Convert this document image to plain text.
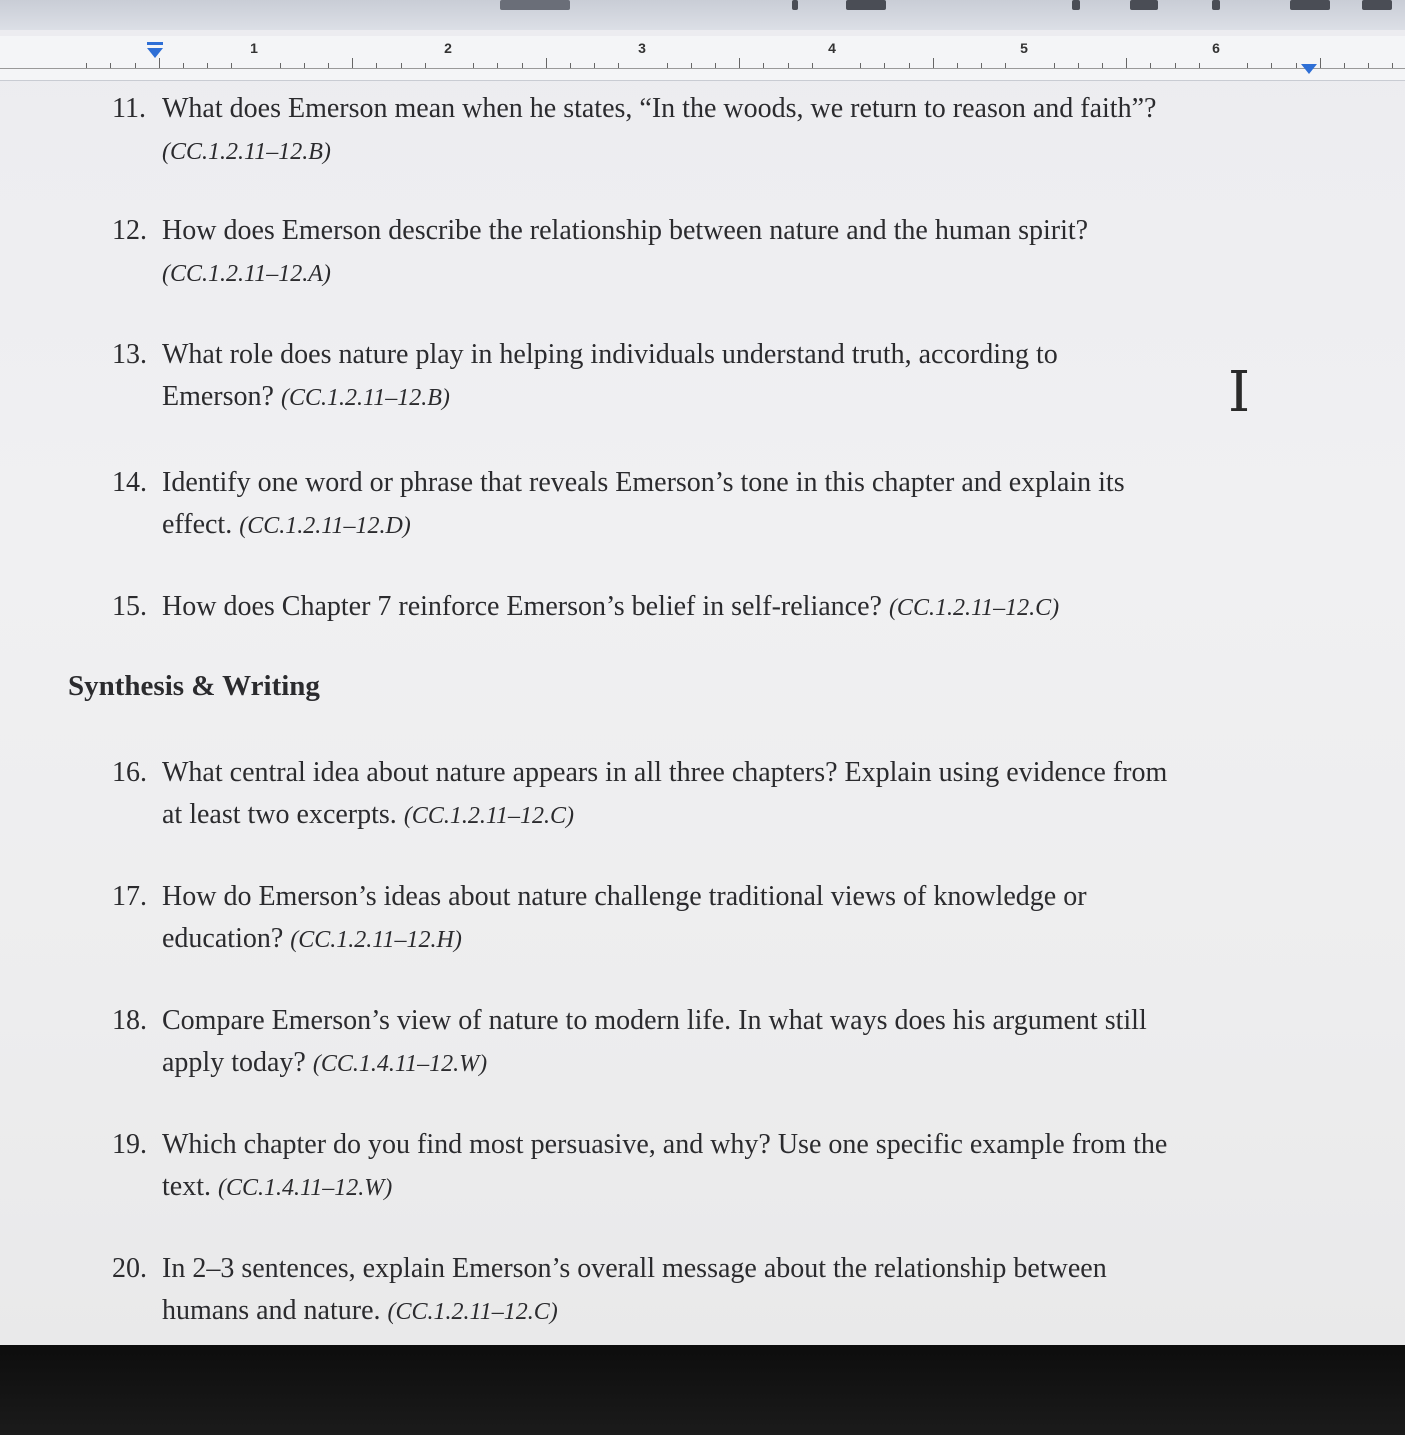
1	2	3	4	5	6
11. What does Emerson mean when he states, “In the woods, we return to reason and faith”?
(CC.1.2.11–12.B)
12. How does Emerson describe the relationship between nature and the human spirit?
(CC.1.2.11–12.A)
13. What role does nature play in helping individuals understand truth, according to
Emerson? (CC.1.2.11–12.B)
14. Identify one word or phrase that reveals Emerson’s tone in this chapter and explain its
effect. (CC.1.2.11–12.D)
15. How does Chapter 7 reinforce Emerson’s belief in self-reliance? (CC.1.2.11–12.C)
Synthesis & Writing
16. What central idea about nature appears in all three chapters? Explain using evidence from
at least two excerpts. (CC.1.2.11–12.C)
17. How do Emerson’s ideas about nature challenge traditional views of knowledge or
education? (CC.1.2.11–12.H)
18. Compare Emerson’s view of nature to modern life. In what ways does his argument still
apply today? (CC.1.4.11–12.W)
19. Which chapter do you find most persuasive, and why? Use one specific example from the
text. (CC.1.4.11–12.W)
20. In 2–3 sentences, explain Emerson’s overall message about the relationship between
humans and nature. (CC.1.2.11–12.C)
I
